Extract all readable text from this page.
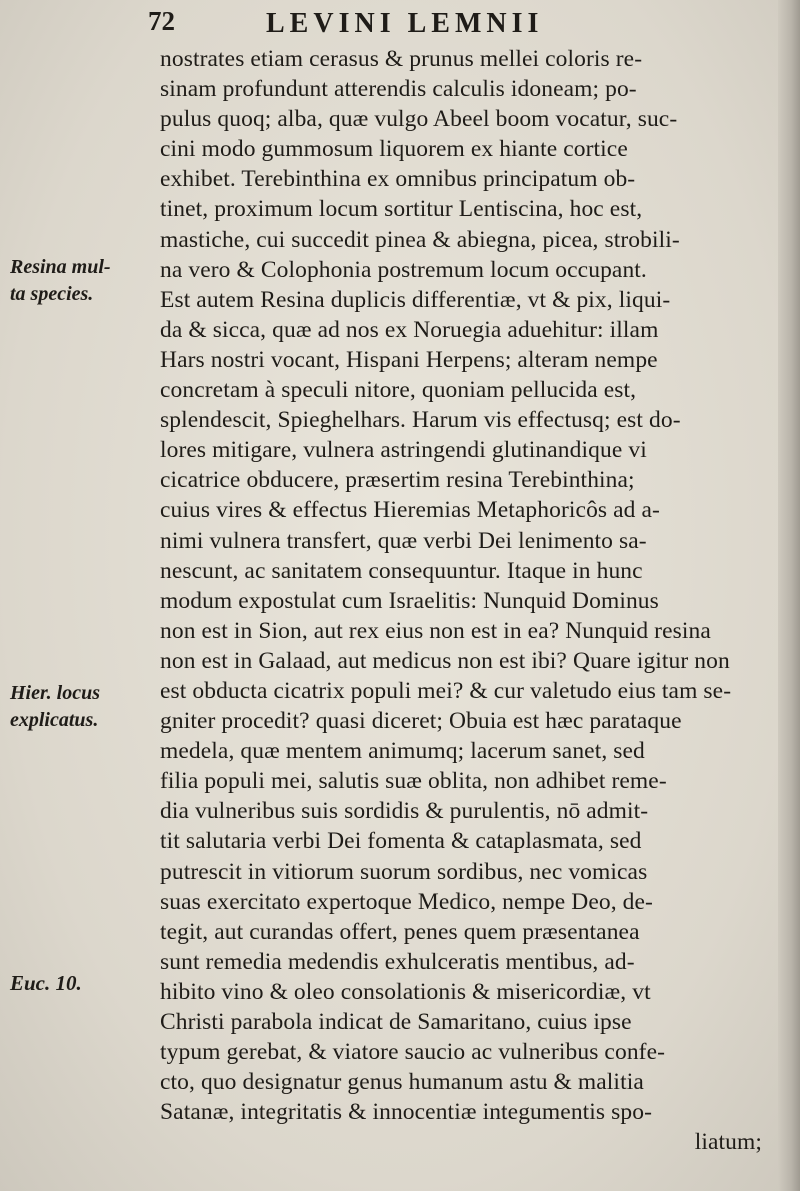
72	LEVINI LEMNII
Resina mul-
ta species.
Hier. locus
explicatus.
Euc. 10.
nostrates etiam cerasus & prunus mellei coloris re-
sinam profundunt atterendis calculis idoneam; po-
pulus quoq; alba, quæ vulgo Abeel boom vocatur, suc-
cini modo gummosum liquorem ex hiante cortice
exhibet. Terebinthina ex omnibus principatum ob-
tinet, proximum locum sortitur Lentiscina, hoc est,
mastiche, cui succedit pinea & abiegna, picea, strobili-
na vero & Colophonia postremum locum occupant.
Est autem Resina duplicis differentiæ, vt & pix, liqui-
da & sicca, quæ ad nos ex Noruegia aduehitur: illam
Hars nostri vocant, Hispani Herpens; alteram nempe
concretam à speculi nitore, quoniam pellucida est,
splendescit, Spieghelhars. Harum vis effectusq; est do-
lores mitigare, vulnera astringendi glutinandique vi
cicatrice obducere, præsertim resina Terebinthina;
cuius vires & effectus Hieremias Metaphoricôs ad a-
nimi vulnera transfert, quæ verbi Dei lenimento sa-
nescunt, ac sanitatem consequuntur. Itaque in hunc
modum expostulat cum Israelitis: Nunquid Dominus
non est in Sion, aut rex eius non est in ea? Nunquid resina
non est in Galaad, aut medicus non est ibi? Quare igitur non
est obducta cicatrix populi mei? & cur valetudo eius tam se-
gniter procedit? quasi diceret; Obuia est hæc parataque
medela, quæ mentem animumq; lacerum sanet, sed
filia populi mei, salutis suæ oblita, non adhibet reme-
dia vulneribus suis sordidis & purulentis, nō admit-
tit salutaria verbi Dei fomenta & cataplasmata, sed
putrescit in vitiorum suorum sordibus, nec vomicas
suas exercitato expertoque Medico, nempe Deo, de-
tegit, aut curandas offert, penes quem præsentanea
sunt remedia medendis exhulceratis mentibus, ad-
hibito vino & oleo consolationis & misericordiæ, vt
Christi parabola indicat de Samaritano, cuius ipse
typum gerebat, & viatore saucio ac vulneribus confe-
cto, quo designatur genus humanum astu & malitia
Satanæ, integritatis & innocentiæ integumentis spo-
liatum;
